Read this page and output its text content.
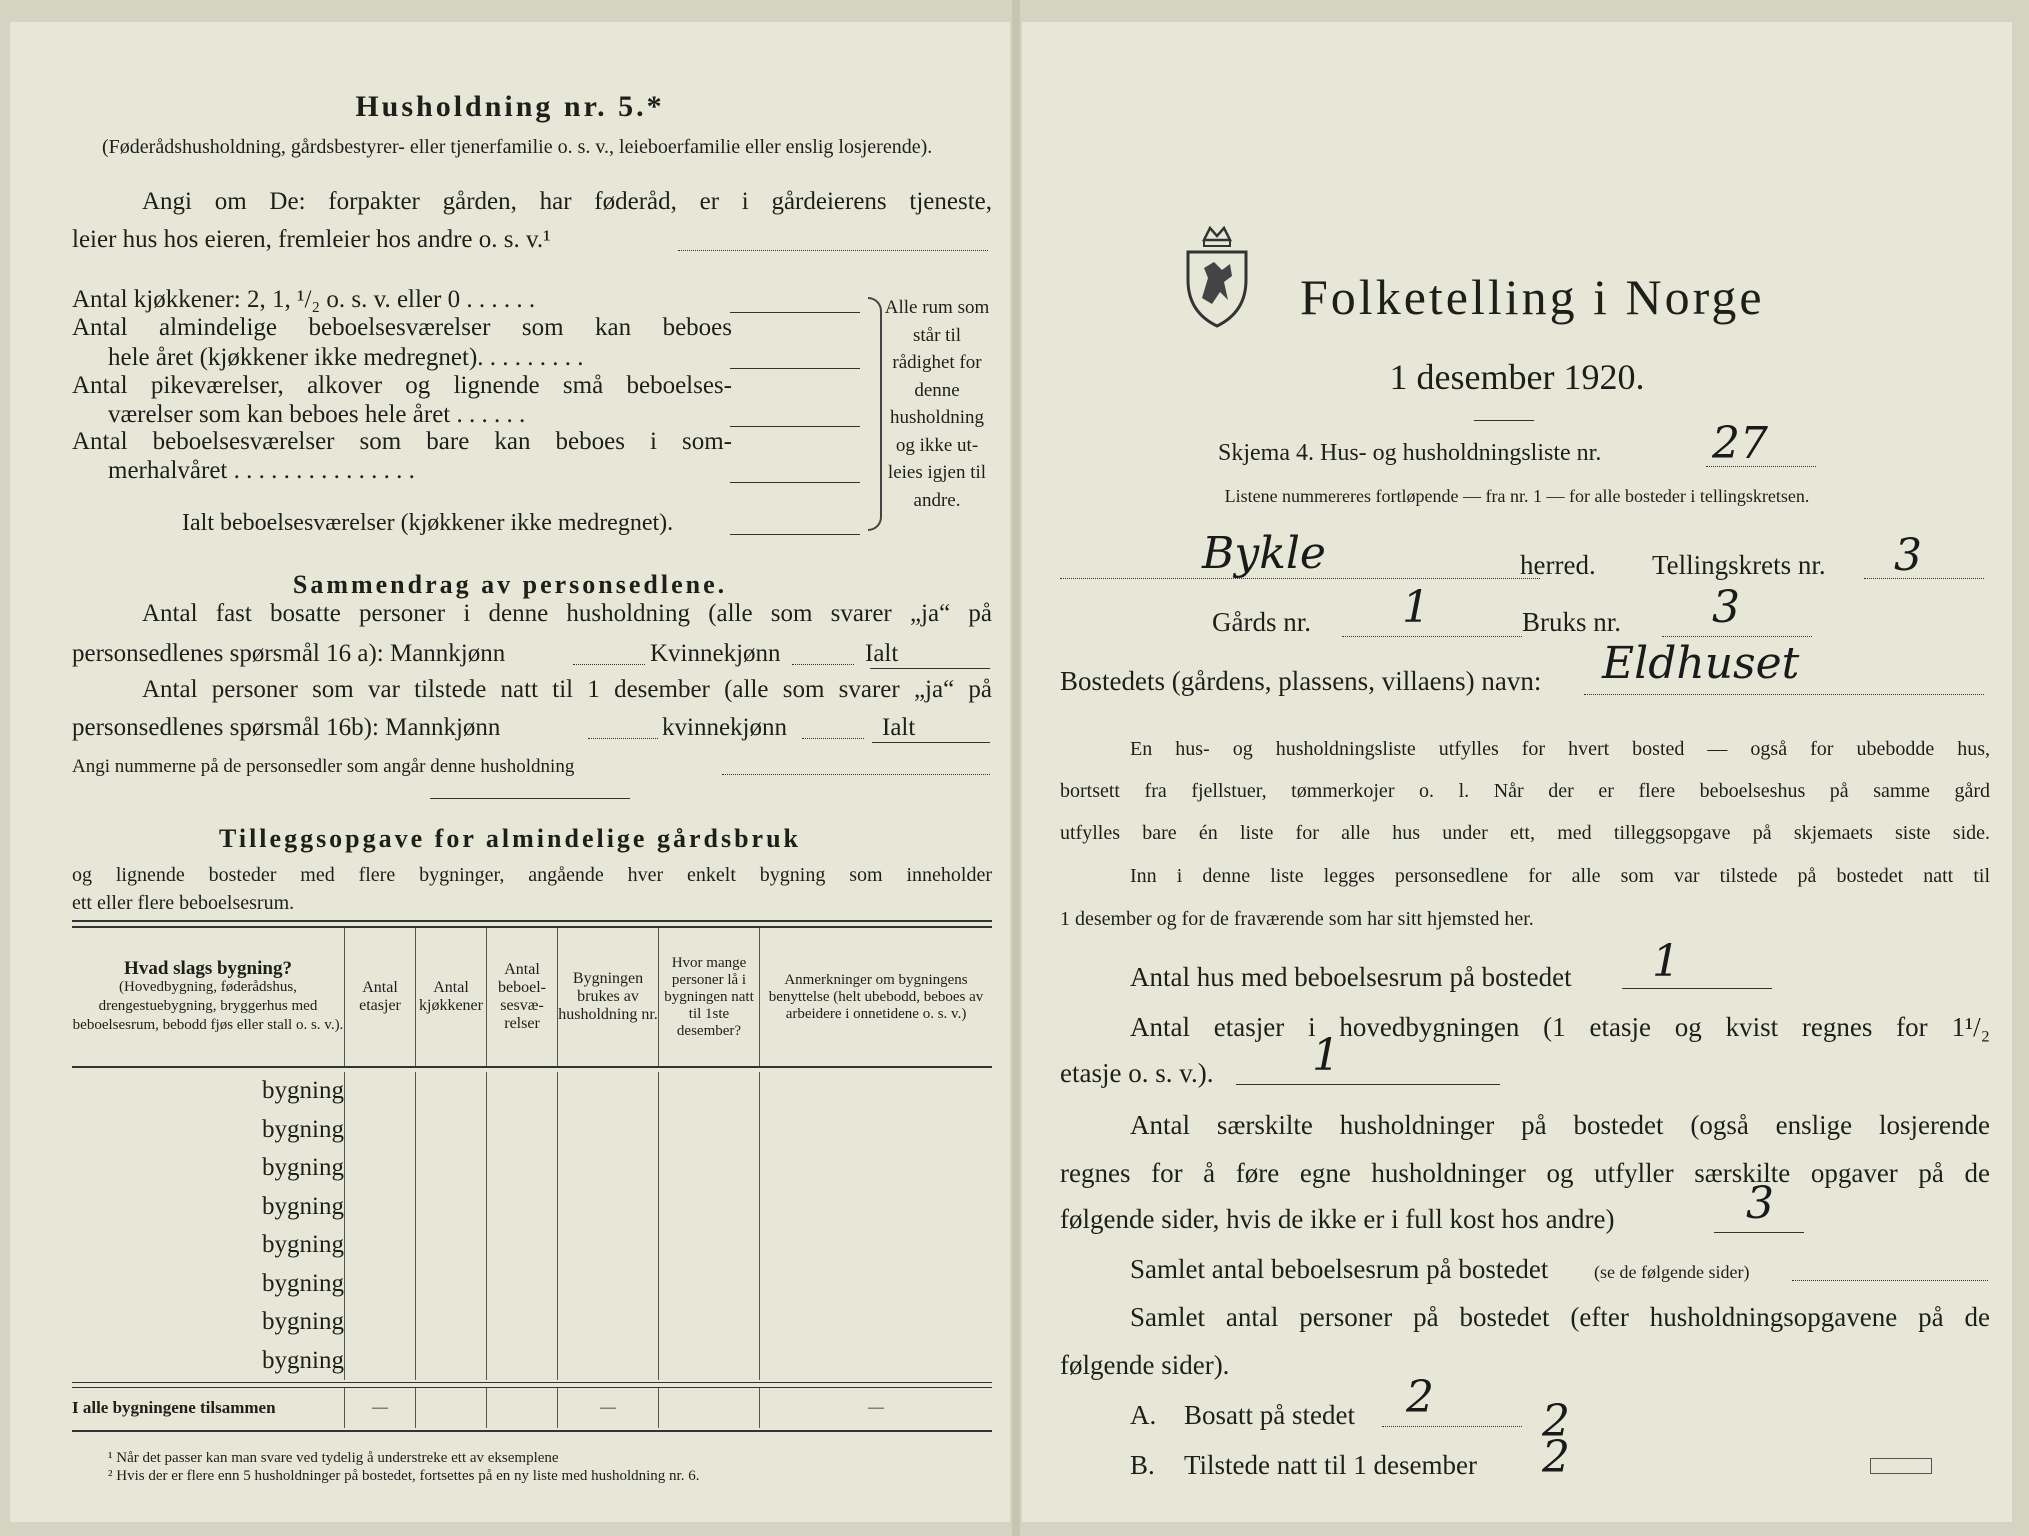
Husholdning nr. 5.*
(Føderådshusholdning, gårdsbestyrer- eller tjenerfamilie o. s. v., leieboerfamilie eller enslig losjerende).
Angi om De: forpakter gården, har føderåd, er i gårdeierens tjeneste,
leier hus hos eieren, fremleier hos andre o. s. v.¹
Antal kjøkkener: 2, 1, ¹/₂ o. s. v. eller 0 . . . . . .
Antal almindelige beboelsesværelser som kan beboes
hele året (kjøkkener ikke medregnet). . . . . . . . .
Antal pikeværelser, alkover og lignende små beboelses-
værelser som kan beboes hele året . . . . . .
Antal beboelsesværelser som bare kan beboes i som-
merhalvåret . . . . . . . . . . . . . . .
Ialt beboelsesværelser (kjøkkener ikke medregnet).
Alle rum som står til rådighet for denne husholdning og ikke utleies igjen til andre.
Sammendrag av personsedlene.
Antal fast bosatte personer i denne husholdning (alle som svarer „ja“ på
personsedlenes spørsmål 16 a): Mannkjønn	Kvinnekjønn	Ialt
Antal personer som var tilstede natt til 1 desember (alle som svarer „ja“ på
personsedlenes spørsmål 16b): Mannkjønn	kvinnekjønn	Ialt
Angi nummerne på de personsedler som angår denne husholdning
Tilleggsopgave for almindelige gårdsbruk
og lignende bosteder med flere bygninger, angående hver enkelt bygning som inneholder
ett eller flere beboelsesrum.
Hvad slags bygning?
(Hovedbygning, føderådshus, drengestuebygning, bryggerhus med beboelsesrum, bebodd fjøs eller stall o. s. v.).
	Antal etasjer	Antal kjøkkener	Antal beboelsesværelser	Bygningen brukes av husholdning nr.	Hvor mange personer lå i bygningen natt til 1ste desember?	Anmerkninger om bygningens benyttelse (helt ubebodd, beboes av arbeidere i onnetidene o. s. v.)
bygning						
bygning						
bygning						
bygning						
bygning						
bygning						
bygning						
bygning						
I alle bygningene tilsammen	—			—		—
¹ Når det passer kan man svare ved tydelig å understreke ett av eksemplene
² Hvis der er flere enn 5 husholdninger på bostedet, fortsettes på en ny liste med husholdning nr. 6.
Folketelling i Norge
1 desember 1920.
Skjema 4. Hus- og husholdningsliste nr.	27
Listene nummereres fortløpende — fra nr. 1 — for alle bosteder i tellingskretsen.
Bykle	herred. Tellingskrets nr. 3
Gårds nr. 1	Bruks nr. 3
Bostedets (gårdens, plassens, villaens) navn: Eldhuset
En hus- og husholdningsliste utfylles for hvert bosted — også for ubebodde hus,
bortsett fra fjellstuer, tømmerkojer o. l. Når der er flere beboelseshus på samme gård
utfylles bare én liste for alle hus under ett, med tilleggsopgave på skjemaets siste side.
Inn i denne liste legges personsedlene for alle som var tilstede på bostedet natt til
1 desember og for de fraværende som har sitt hjemsted her.
Antal hus med beboelsesrum på bostedet 1
Antal etasjer i hovedbygningen (1 etasje og kvist regnes for 1¹/₂
etasje o. s. v.). 1
Antal særskilte husholdninger på bostedet (også enslige losjerende
regnes for å føre egne husholdninger og utfyller særskilte opgaver på de
følgende sider, hvis de ikke er i full kost hos andre)	3
Samlet antal beboelsesrum på bostedet	(se de følgende sider)
Samlet antal personer på bostedet (efter husholdningsopgavene på de
følgende sider).
A. Bosatt på stedet 2 2
B. Tilstede natt til 1 desember 2
